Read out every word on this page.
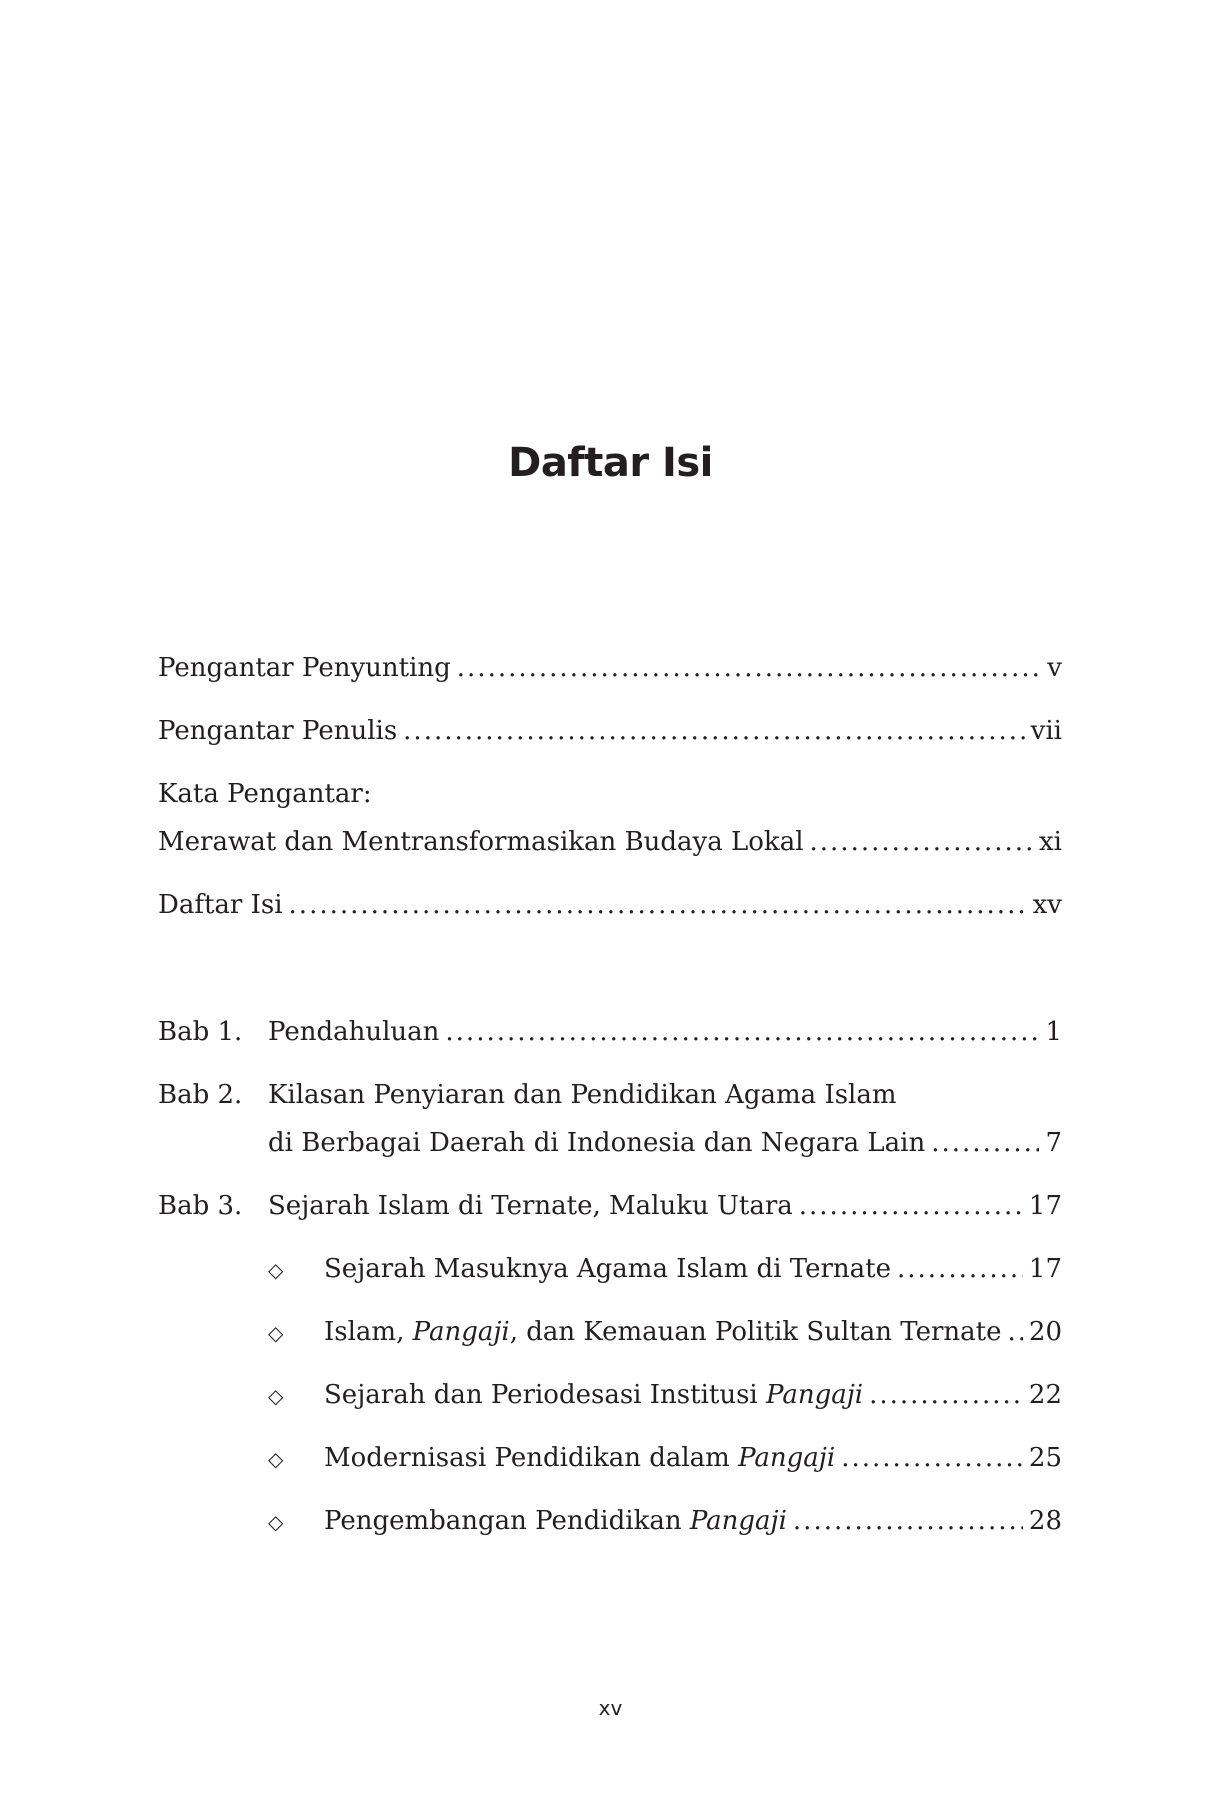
Daftar Isi
Pengantar Penyunting .....	v
Pengantar Penulis .....	vii
Kata Pengantar:
Merawat dan Mentransformasikan Budaya Lokal .....	xi
Daftar Isi .....	xv
Bab 1. Pendahuluan .....	1
Bab 2. Kilasan Penyiaran dan Pendidikan Agama Islam
di Berbagai Daerah di Indonesia dan Negara Lain .....	7
Bab 3. Sejarah Islam di Ternate, Maluku Utara .....	17
◇	Sejarah Masuknya Agama Islam di Ternate .....	17
◇	Islam, Pangaji, dan Kemauan Politik Sultan Ternate ..... 20
◇	Sejarah dan Periodesasi Institusi Pangaji .....	22
◇	Modernisasi Pendidikan dalam Pangaji .....	25
◇	Pengembangan Pendidikan Pangaji .....	28
xv
